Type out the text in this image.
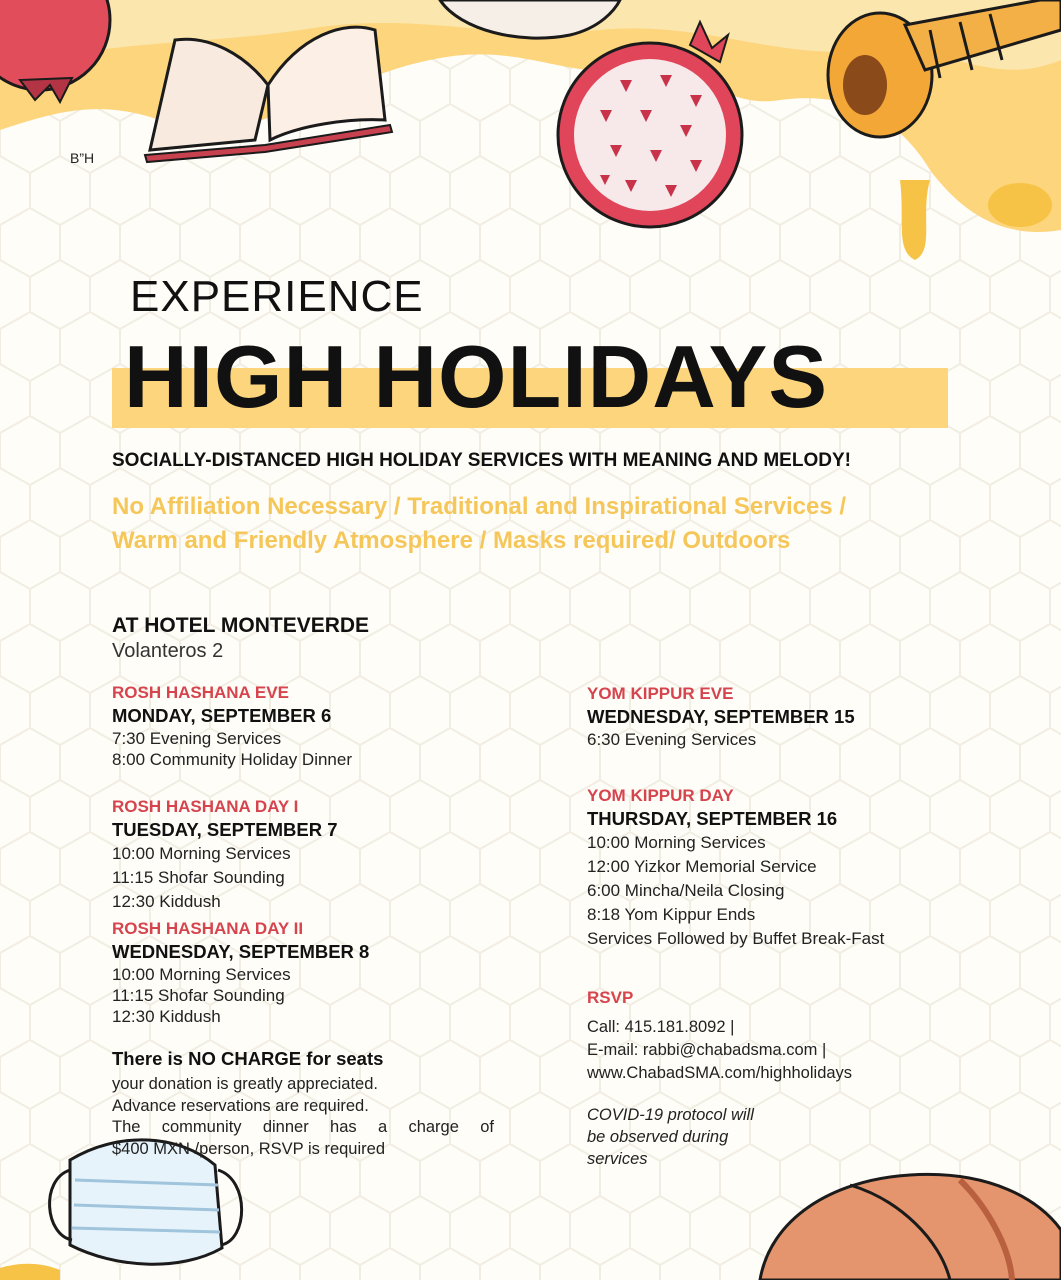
B”H
EXPERIENCE
HIGH HOLIDAYS
SOCIALLY-DISTANCED HIGH HOLIDAY SERVICES WITH MEANING AND MELODY!
No Affiliation Necessary / Traditional and Inspirational Services /
Warm and Friendly Atmosphere / Masks required/ Outdoors
AT HOTEL MONTEVERDE
Volanteros 2
ROSH HASHANA EVE
MONDAY, SEPTEMBER 6
7:30 Evening Services
8:00 Community Holiday Dinner
ROSH HASHANA DAY I
TUESDAY, SEPTEMBER 7
10:00 Morning Services
11:15 Shofar Sounding
12:30 Kiddush
ROSH HASHANA DAY II
WEDNESDAY, SEPTEMBER 8
10:00 Morning Services
11:15 Shofar Sounding
12:30 Kiddush
YOM KIPPUR EVE
WEDNESDAY, SEPTEMBER 15
6:30 Evening Services
YOM KIPPUR DAY
THURSDAY, SEPTEMBER 16
10:00 Morning Services
12:00 Yizkor Memorial Service
6:00 Mincha/Neila Closing
8:18 Yom Kippur Ends
Services Followed by Buffet Break-Fast
There is NO CHARGE for seats
your donation is greatly appreciated.
Advance reservations are required.
The community dinner has a charge of
$400 MXN /person, RSVP is required
RSVP
Call: 415.181.8092 |
E-mail: rabbi@chabadsma.com |
www.ChabadSMA.com/highholidays
COVID-19 protocol will
be observed during
services
